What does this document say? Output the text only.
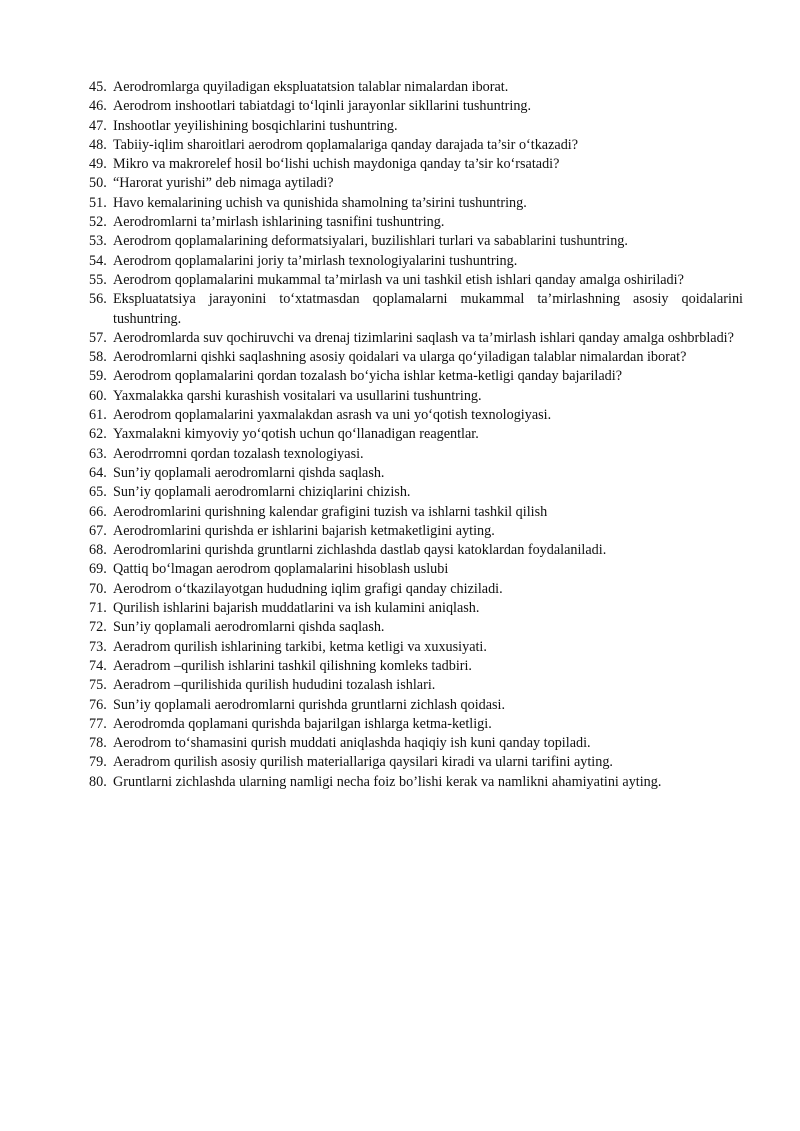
45. Aerodromlarga quyiladigan ekspluatatsion talablar nimalardan iborat.
46. Aerodrom inshootlari tabiatdagi to‘lqinli jarayonlar sikllarini tushuntring.
47. Inshootlar yeyilishining bosqichlarini tushuntring.
48. Tabiiy-iqlim sharoitlari aerodrom qoplamalariga qanday darajada ta’sir o‘tkazadi?
49. Mikro va makrorelef hosil bo‘lishi uchish maydoniga qanday ta’sir ko‘rsatadi?
50. “Harorat yurishi” deb nimaga aytiladi?
51. Havo kemalarining uchish va qunishida shamolning ta’sirini tushuntring.
52. Aerodromlarni ta’mirlash ishlarining tasnifini tushuntring.
53. Aerodrom qoplamalarining deformatsiyalari, buzilishlari turlari va sabablarini tushuntring.
54. Aerodrom qoplamalarini joriy ta’mirlash texnologiyalarini tushuntring.
55. Aerodrom qoplamalarini mukammal ta’mirlash va uni tashkil etish ishlari qanday amalga oshiriladi?
56. Ekspluatatsiya jarayonini to‘xtatmasdan qoplamalarni mukammal ta’mirlashning asosiy qoidalarini tushuntring.
57. Aerodromlarda suv qochiruvchi va drenaj tizimlarini saqlash va ta’mirlash ishlari qanday amalga oshbrbladi?
58. Aerodromlarni qishki saqlashning asosiy qoidalari va ularga qo‘yiladigan talablar nimalardan iborat?
59. Aerodrom qoplamalarini qordan tozalash bo‘yicha ishlar ketma-ketligi qanday bajariladi?
60. Yaxmalakka qarshi kurashish vositalari va usullarini tushuntring.
61. Aerodrom qoplamalarini yaxmalakdan asrash va uni yo‘qotish texnologiyasi.
62. Yaxmalakni kimyoviy yo‘qotish uchun qo‘llanadigan reagentlar.
63. Aerodrromni qordan tozalash texnologiyasi.
64. Sun’iy qoplamali aerodromlarni qishda saqlash.
65. Sun’iy qoplamali aerodromlarni chiziqlarini chizish.
66. Aerodromlarini qurishning kalendar grafigini tuzish va ishlarni tashkil qilish
67. Aerodromlarini qurishda er ishlarini bajarish ketmaketligini ayting.
68. Aerodromlarini qurishda gruntlarni zichlashda dastlab qaysi katoklardan foydalaniladi.
69. Qattiq bo‘lmagan aerodrom qoplamalarini hisoblash uslubi
70. Aerodrom o‘tkazilayotgan hududning iqlim grafigi qanday chiziladi.
71. Qurilish ishlarini bajarish muddatlarini va ish kulamini aniqlash.
72. Sun’iy qoplamali aerodromlarni qishda saqlash.
73. Aeradrom qurilish ishlarining tarkibi, ketma ketligi va xuxusiyati.
74. Aeradrom –qurilish ishlarini tashkil qilishning komleks tadbiri.
75. Aeradrom –qurilishida qurilish hududini tozalash ishlari.
76. Sun’iy qoplamali aerodromlarni qurishda gruntlarni zichlash qoidasi.
77. Aerodromda qoplamani qurishda bajarilgan ishlarga ketma-ketligi.
78. Aerodrom to‘shamasini qurish muddati aniqlashda haqiqiy ish kuni qanday topiladi.
79. Aeradrom qurilish asosiy qurilish materiallariga qaysilari kiradi va ularni tarifini ayting.
80. Gruntlarni zichlashda ularning namligi necha foiz bo’lishi kerak va namlikni ahamiyatini ayting.
